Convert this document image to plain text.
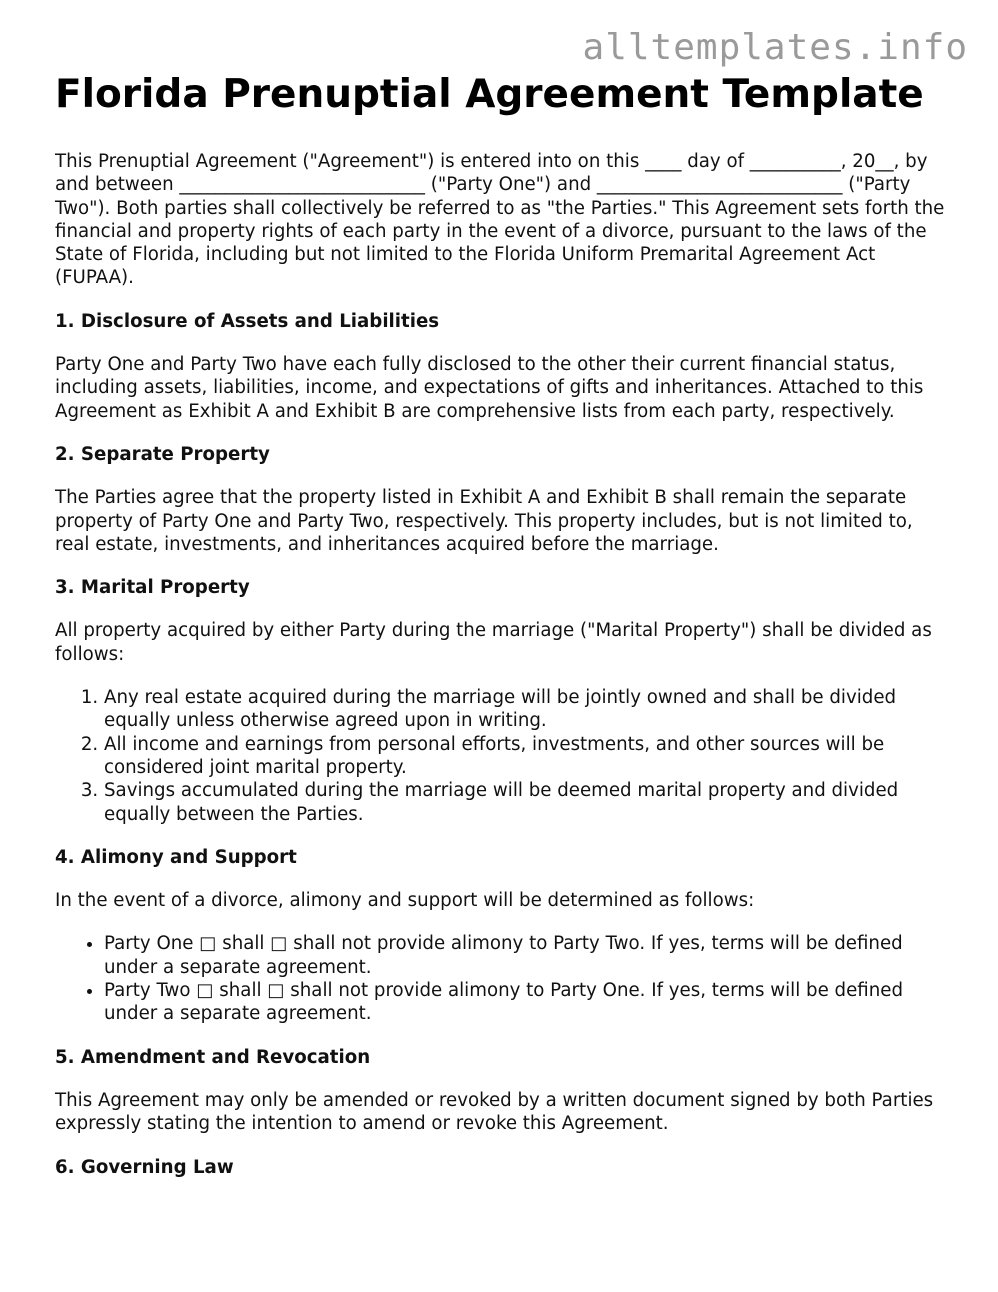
alltemplates.info
Florida Prenuptial Agreement Template

This Prenuptial Agreement ("Agreement") is entered into on this ____ day of __________, 20__, by and between ___________________________ ("Party One") and ___________________________ ("Party Two"). Both parties shall collectively be referred to as "the Parties." This Agreement sets forth the financial and property rights of each party in the event of a divorce, pursuant to the laws of the State of Florida, including but not limited to the Florida Uniform Premarital Agreement Act (FUPAA).

1. Disclosure of Assets and Liabilities

Party One and Party Two have each fully disclosed to the other their current financial status, including assets, liabilities, income, and expectations of gifts and inheritances. Attached to this Agreement as Exhibit A and Exhibit B are comprehensive lists from each party, respectively.

2. Separate Property

The Parties agree that the property listed in Exhibit A and Exhibit B shall remain the separate property of Party One and Party Two, respectively. This property includes, but is not limited to, real estate, investments, and inheritances acquired before the marriage.

3. Marital Property

All property acquired by either Party during the marriage ("Marital Property") shall be divided as follows:

1. Any real estate acquired during the marriage will be jointly owned and shall be divided equally unless otherwise agreed upon in writing.
2. All income and earnings from personal efforts, investments, and other sources will be considered joint marital property.
3. Savings accumulated during the marriage will be deemed marital property and divided equally between the Parties.
4. Alimony and Support

In the event of a divorce, alimony and support will be determined as follows:

• Party One □ shall □ shall not provide alimony to Party Two. If yes, terms will be defined under a separate agreement.
• Party Two □ shall □ shall not provide alimony to Party One. If yes, terms will be defined under a separate agreement.
5. Amendment and Revocation

This Agreement may only be amended or revoked by a written document signed by both Parties expressly stating the intention to amend or revoke this Agreement.

6. Governing Law
